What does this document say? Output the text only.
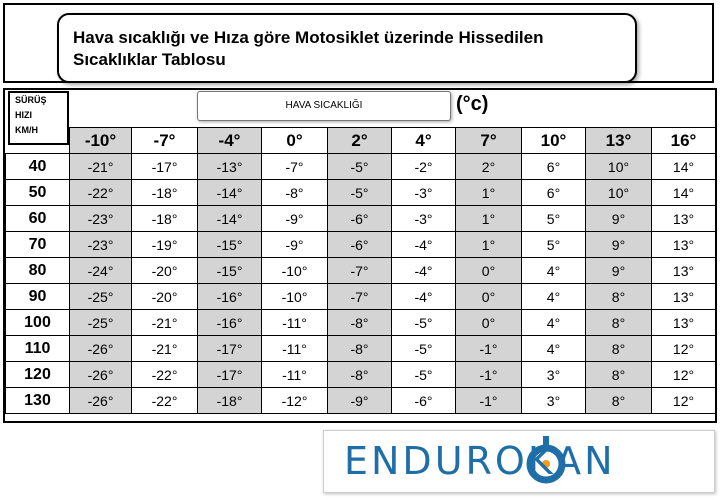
Hava sıcaklığı ve Hıza göre Motosiklet üzerinde Hissedilen Sıcaklıklar Tablosu
SÜRÜŞ
HIZI
KM/H
HAVA SICAKLIĞI	(°c)
	-10°	-7°	-4°	0°	2°	4°	7°	10°	13°	16°
40	-21°	-17°	-13°	-7°	-5°	-2°	2°	6°	10°	14°
50	-22°	-18°	-14°	-8°	-5°	-3°	1°	6°	10°	14°
60	-23°	-18°	-14°	-9°	-6°	-3°	1°	5°	9°	13°
70	-23°	-19°	-15°	-9°	-6°	-4°	1°	5°	9°	13°
80	-24°	-20°	-15°	-10°	-7°	-4°	0°	4°	9°	13°
90	-25°	-20°	-16°	-10°	-7°	-4°	0°	4°	8°	13°
100	-25°	-21°	-16°	-11°	-8°	-5°	0°	4°	8°	13°
110	-26°	-21°	-17°	-11°	-8°	-5°	-1°	4°	8°	12°
120	-26°	-22°	-17°	-11°	-8°	-5°	-1°	3°	8°	12°
130	-26°	-22°	-18°	-12°	-9°	-6°	-1°	3°	8°	12°
ENDUROKAN
